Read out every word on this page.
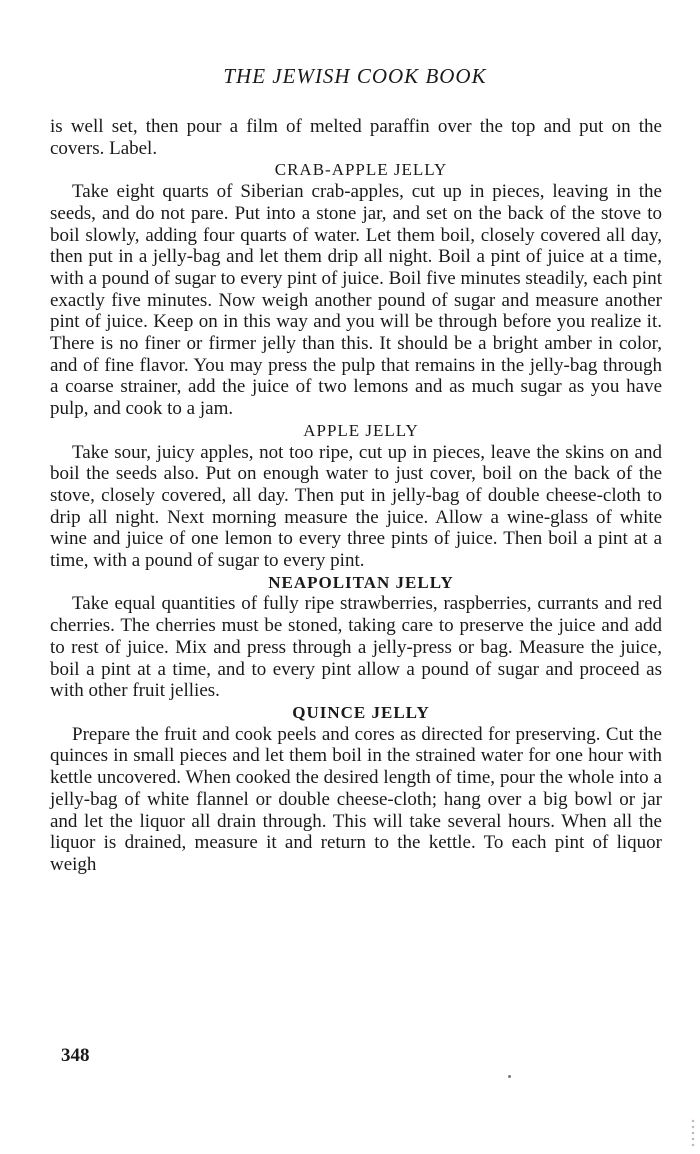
THE JEWISH COOK BOOK

is well set, then pour a film of melted paraffin over the top and put on the covers. Label.

CRAB-APPLE JELLY

Take eight quarts of Siberian crab-apples, cut up in pieces, leaving in the seeds, and do not pare. Put into a stone jar, and set on the back of the stove to boil slowly, adding four quarts of water. Let them boil, closely covered all day, then put in a jelly-bag and let them drip all night. Boil a pint of juice at a time, with a pound of sugar to every pint of juice. Boil five minutes steadily, each pint exactly five minutes. Now weigh another pound of sugar and measure another pint of juice. Keep on in this way and you will be through before you realize it. There is no finer or firmer jelly than this. It should be a bright amber in color, and of fine flavor. You may press the pulp that remains in the jelly-bag through a coarse strainer, add the juice of two lemons and as much sugar as you have pulp, and cook to a jam.

APPLE JELLY

Take sour, juicy apples, not too ripe, cut up in pieces, leave the skins on and boil the seeds also. Put on enough water to just cover, boil on the back of the stove, closely covered, all day. Then put in jelly-bag of double cheese-cloth to drip all night. Next morning measure the juice. Allow a wine-glass of white wine and juice of one lemon to every three pints of juice. Then boil a pint at a time, with a pound of sugar to every pint.

NEAPOLITAN JELLY

Take equal quantities of fully ripe strawberries, raspberries, currants and red cherries. The cherries must be stoned, taking care to preserve the juice and add to rest of juice. Mix and press through a jelly-press or bag. Measure the juice, boil a pint at a time, and to every pint allow a pound of sugar and proceed as with other fruit jellies.

QUINCE JELLY

Prepare the fruit and cook peels and cores as directed for preserving. Cut the quinces in small pieces and let them boil in the strained water for one hour with kettle uncovered. When cooked the desired length of time, pour the whole into a jelly-bag of white flannel or double cheese-cloth; hang over a big bowl or jar and let the liquor all drain through. This will take several hours. When all the liquor is drained, measure it and return to the kettle. To each pint of liquor weigh

348
